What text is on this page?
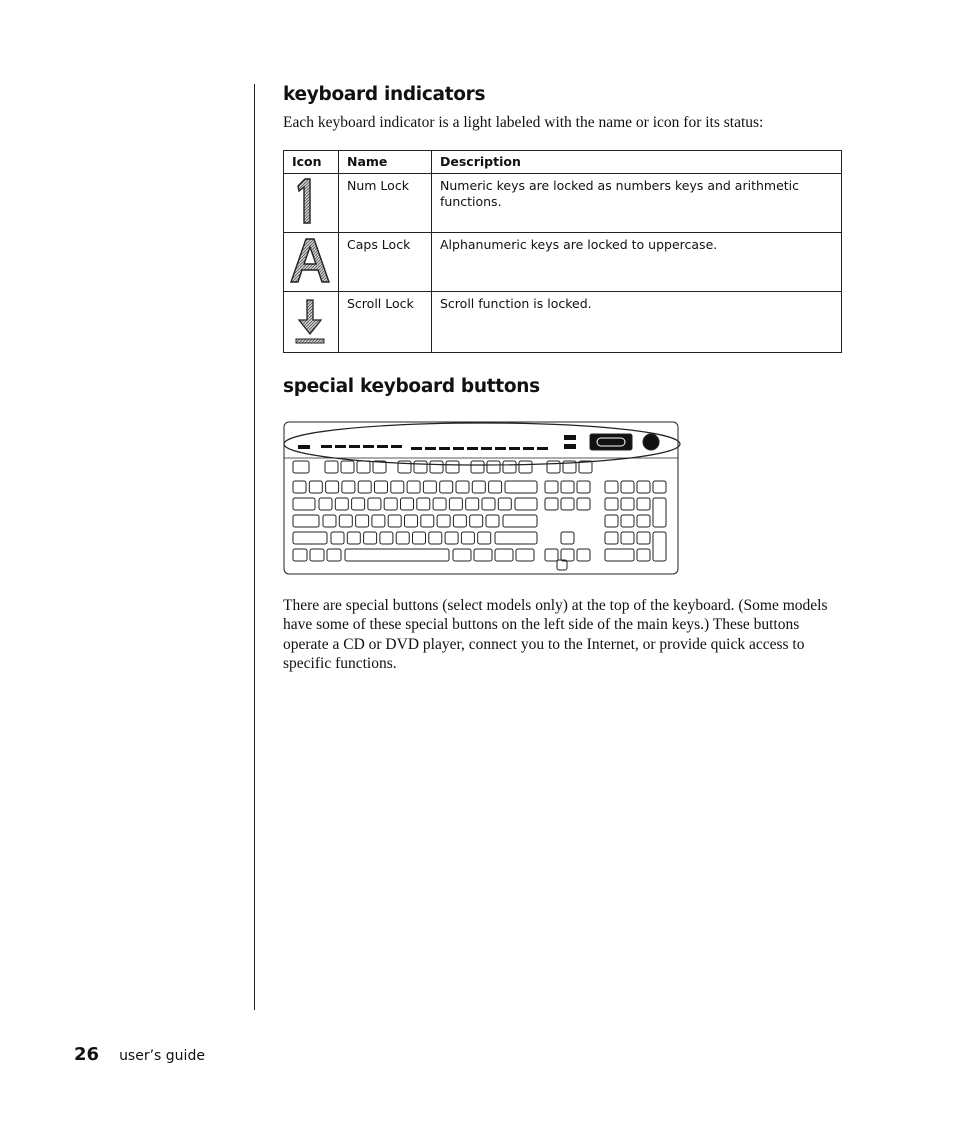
keyboard indicators
Each keyboard indicator is a light labeled with the name or icon for its status:
Icon	Name	Description
	Num Lock	Numeric keys are locked as numbers keys and arithmetic functions.
	Caps Lock	Alphanumeric keys are locked to uppercase.
	Scroll Lock	Scroll function is locked.
special keyboard buttons

There are special buttons (select models only) at the top of the keyboard. (Some models have some of these special buttons on the left side of the main keys.) These buttons operate a CD or DVD player, connect you to the Internet, or provide quick access to specific functions.

26 user’s guide
